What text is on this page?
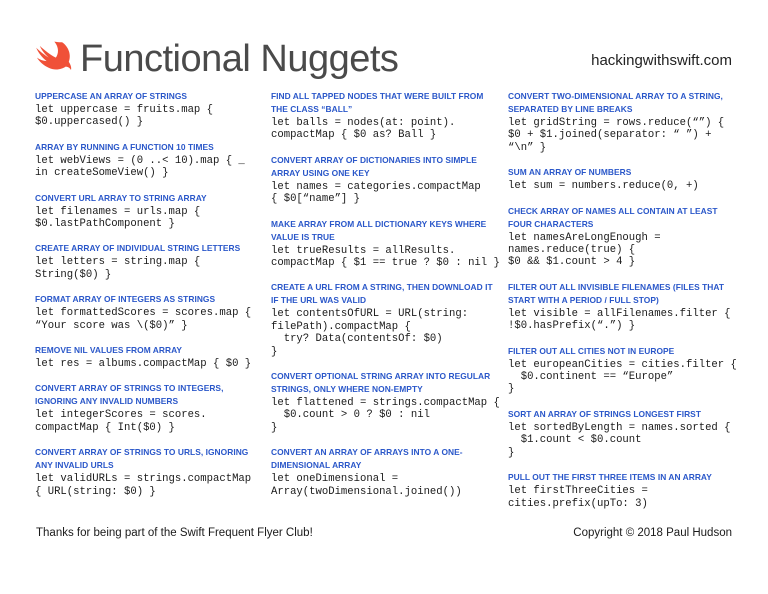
Functional Nuggets	hackingwithswift.com
UPPERCASE AN ARRAY OF STRINGS
let uppercase = fruits.map {
$0.uppercased() }
ARRAY BY RUNNING A FUNCTION 10 TIMES
let webViews = (0 ..< 10).map { _
in createSomeView() }
CONVERT URL ARRAY TO STRING ARRAY
let filenames = urls.map {
$0.lastPathComponent }
CREATE ARRAY OF INDIVIDUAL STRING LETTERS
let letters = string.map {
String($0) }
FORMAT ARRAY OF INTEGERS AS STRINGS
let formattedScores = scores.map {
“Your score was \($0)” }
REMOVE NIL VALUES FROM ARRAY
let res = albums.compactMap { $0 }
CONVERT ARRAY OF STRINGS TO INTEGERS, IGNORING ANY INVALID NUMBERS
let integerScores = scores.
compactMap { Int($0) }
CONVERT ARRAY OF STRINGS TO URLS, IGNORING ANY INVALID URLS
let validURLs = strings.compactMap
{ URL(string: $0) }
FIND ALL TAPPED NODES THAT WERE BUILT FROM THE CLASS “BALL”
let balls = nodes(at: point).
compactMap { $0 as? Ball }
CONVERT ARRAY OF DICTIONARIES INTO SIMPLE ARRAY USING ONE KEY
let names = categories.compactMap
{ $0[“name”] }
MAKE ARRAY FROM ALL DICTIONARY KEYS WHERE VALUE IS TRUE
let trueResults = allResults.
compactMap { $1 == true ? $0 : nil }
CREATE A URL FROM A STRING, THEN DOWNLOAD IT IF THE URL WAS VALID
let contentsOfURL = URL(string:
filePath).compactMap {
try? Data(contentsOf: $0)
}
CONVERT OPTIONAL STRING ARRAY INTO REGULAR STRINGS, ONLY WHERE NON-EMPTY
let flattened = strings.compactMap {
$0.count > 0 ? $0 : nil
}
CONVERT AN ARRAY OF ARRAYS INTO A ONE-DIMENSIONAL ARRAY
let oneDimensional =
Array(twoDimensional.joined())
CONVERT TWO-DIMENSIONAL ARRAY TO A STRING, SEPARATED BY LINE BREAKS
let gridString = rows.reduce(“”) {
$0 + $1.joined(separator: “ ”) +
“\n” }
SUM AN ARRAY OF NUMBERS
let sum = numbers.reduce(0, +)
CHECK ARRAY OF NAMES ALL CONTAIN AT LEAST FOUR CHARACTERS
let namesAreLongEnough =
names.reduce(true) {
$0 && $1.count > 4 }
FILTER OUT ALL INVISIBLE FILENAMES (FILES THAT START WITH A PERIOD / FULL STOP)
let visible = allFilenames.filter {
!$0.hasPrefix(“.”) }
FILTER OUT ALL CITIES NOT IN EUROPE
let europeanCities = cities.filter {
$0.continent == “Europe”
}
SORT AN ARRAY OF STRINGS LONGEST FIRST
let sortedByLength = names.sorted {
$1.count < $0.count
}
PULL OUT THE FIRST THREE ITEMS IN AN ARRAY
let firstThreeCities =
cities.prefix(upTo: 3)
Thanks for being part of the Swift Frequent Flyer Club!	Copyright © 2018 Paul Hudson
